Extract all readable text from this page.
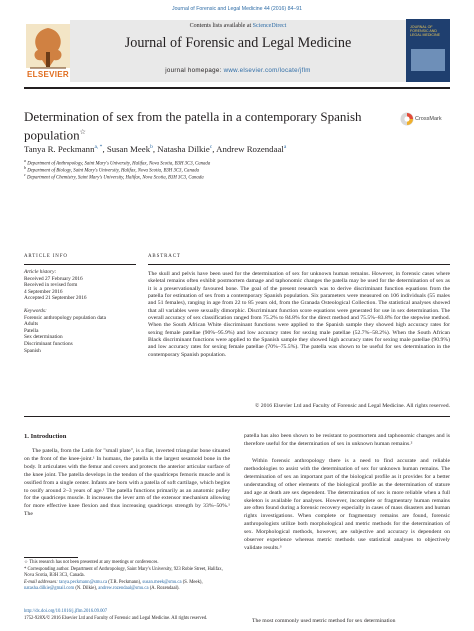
Journal of Forensic and Legal Medicine 44 (2016) 84–91
ELSEVIER
Contents lists available at ScienceDirect
Journal of Forensic and Legal Medicine
journal homepage: www.elsevier.com/locate/jflm
JOURNAL OF FORENSIC AND LEGAL MEDICINE
Determination of sex from the patella in a contemporary Spanish population☆
CrossMark
Tanya R. Peckmann$^{a, *}$, Susan Meek$^b$, Natasha Dilkie$^c$, Andrew Rozendaal$^a$
$^a$ Department of Anthropology, Saint Mary's University, Halifax, Nova Scotia, B3H 3C3, Canada
$^b$ Department of Biology, Saint Mary's University, Halifax, Nova Scotia, B3H 3C3, Canada
$^c$ Department of Chemistry, Saint Mary's University, Halifax, Nova Scotia, B3H 3C3, Canada
ARTICLE INFO	ABSTRACT
Article history:
Received 27 February 2016
Received in revised form
4 September 2016
Accepted 21 September 2016
Keywords:
Forensic anthropology population data
Adults
Patella
Sex determination
Discriminant functions
Spanish
The skull and pelvis have been used for the determination of sex for unknown human remains. However, in forensic cases where skeletal remains often exhibit postmortem damage and taphonomic changes the patella may be used for the determination of sex as it is a preservationally favoured bone. The goal of the present research was to derive discriminant function equations from the patella for estimation of sex from a contemporary Spanish population. Six parameters were measured on 106 individuals (55 males and 51 females), ranging in age from 22 to 85 years old, from the Granada Osteological Collection. The statistical analyses showed that all variables were sexually dimorphic. Discriminant function score equations were generated for use in sex determination. The overall accuracy of sex classification ranged from 75.2% to 84.8% for the direct method and 75.5%–83.8% for the stepwise method. When the South African White discriminant functions were applied to the Spanish sample they showed high accuracy rates for sexing female patellae (90%–95.9%) and low accuracy rates for sexing male patellae (52.7%–58.2%). When the South African Black discriminant functions were applied to the Spanish sample they showed high accuracy rates for sexing male patellae (90.9%) and low accuracy rates for sexing female patellae (70%–75.5%). The patella was shown to be useful for sex determination in the contemporary Spanish population.
© 2016 Elsevier Ltd and Faculty of Forensic and Legal Medicine. All rights reserved.
1. Introduction
The patella, from the Latin for "small plate", is a flat, inverted triangular bone situated on the front of the knee-joint.¹ In humans, the patella is the largest sesamoid bone in the body. It articulates with the femur and covers and protects the anterior articular surface of the knee joint. The patella develops in the tendon of the quadriceps femoris muscle and is ossified from a single center. Infants are born with a patella of soft cartilage, which begins to ossify around 2–3 years of age.¹ The patella functions primarily as an anatomic pulley for the quadriceps muscle. It increases the lever arm of the extensor mechanism allowing for more effective knee flexion and thus increasing quadriceps strength by 33%–50%.¹ The
patella has also been shown to be resistant to postmortem and taphonomic changes and is therefore useful for the determination of sex in unknown human remains.²
Within forensic anthropology there is a need to find accurate and reliable methodologies to assist with the determination of sex for unknown human remains. The determination of sex an important part of the biological profile as it provides for a better understanding of other elements of the biological profile as the determination of stature and age at death are sex dependent. The determination of sex is more reliable when a full skeleton is available for analyses. However, incomplete or fragmentary human remains are often found during a forensic recovery especially in cases of mass disasters and human rights investigations. When complete or fragmentary remains are found, forensic anthropologists utilize both morphological and metric methods for the determination of sex. Morphological methods, however, are subjective and accuracy is dependent on observer experience whereas metric methods use statistical analyses to objectively validate results.³
The most commonly used metric method for sex determination
☆ This research has not been presented at any meetings or conferences.
* Corresponding author. Department of Anthropology, Saint Mary's University, 923 Robie Street, Halifax, Nova Scotia, B3H 3C3, Canada.
E-mail addresses: tanya.peckmann@smu.ca (T.R. Peckmann), susan.meek@smu.ca (S. Meek), natasha.dilkie@gmail.com (N. Dilkie), andrew.rozendaal@smu.ca (A. Rozendaal).
http://dx.doi.org/10.1016/j.jflm.2016.09.007
1752-928X/© 2016 Elsevier Ltd and Faculty of Forensic and Legal Medicine. All rights reserved.
